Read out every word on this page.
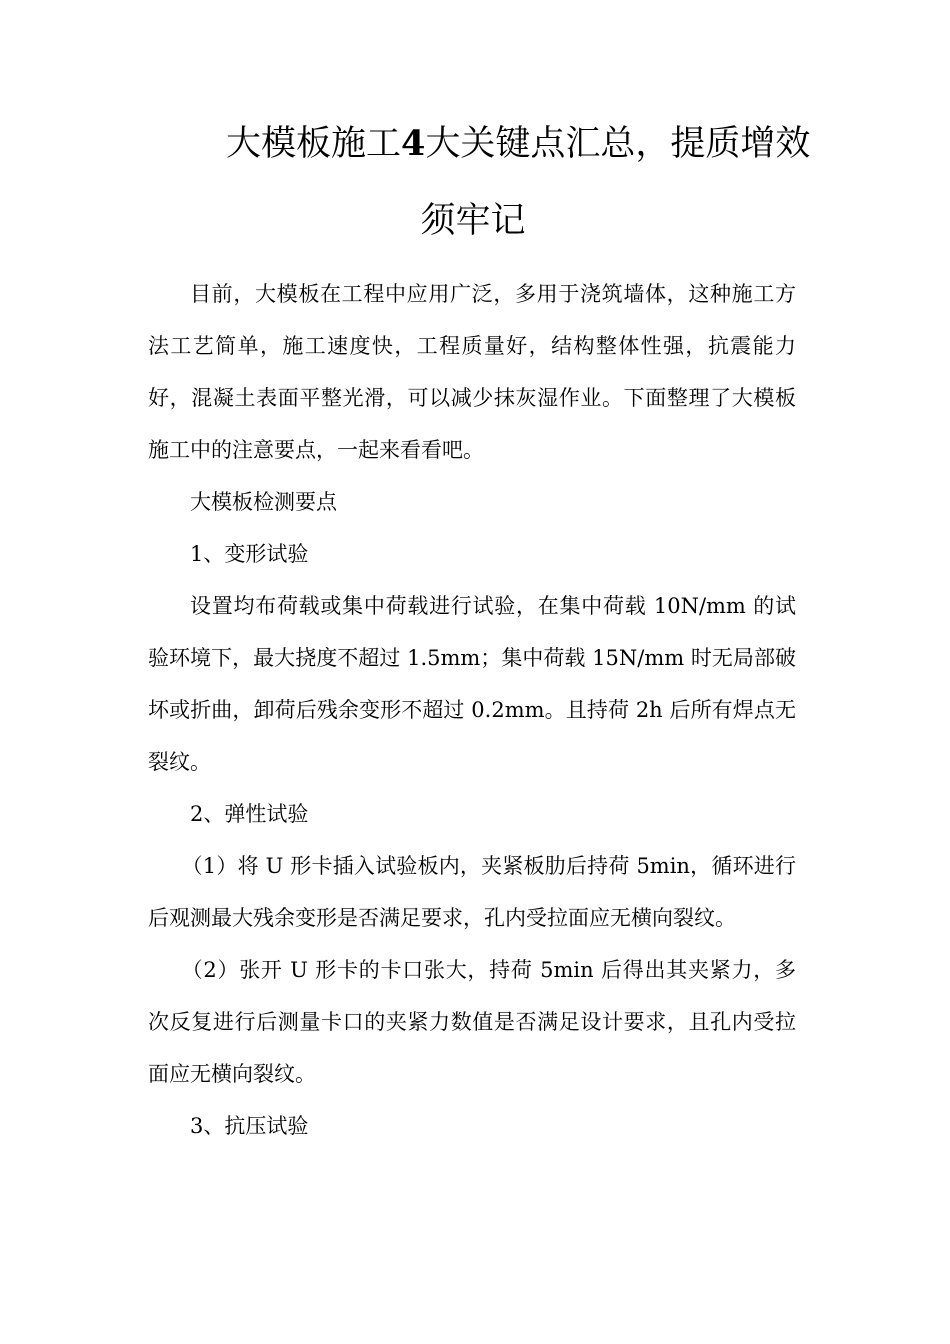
大模板施工4大关键点汇总，提质增效
须牢记

目前，大模板在工程中应用广泛，多用于浇筑墙体，这种施工方法工艺简单，施工速度快，工程质量好，结构整体性强，抗震能力好，混凝土表面平整光滑，可以减少抹灰湿作业。下面整理了大模板施工中的注意要点，一起来看看吧。

大模板检测要点

1、变形试验

设置均布荷载或集中荷载进行试验，在集中荷载 10N/mm 的试验环境下，最大挠度不超过 1.5mm；集中荷载 15N/mm 时无局部破坏或折曲，卸荷后残余变形不超过 0.2mm。且持荷 2h 后所有焊点无裂纹。

2、弹性试验

（1）将 U 形卡插入试验板内，夹紧板肋后持荷 5min，循环进行后观测最大残余变形是否满足要求，孔内受拉面应无横向裂纹。

（2）张开 U 形卡的卡口张大，持荷 5min 后得出其夹紧力，多次反复进行后测量卡口的夹紧力数值是否满足设计要求，且孔内受拉面应无横向裂纹。

3、抗压试验
